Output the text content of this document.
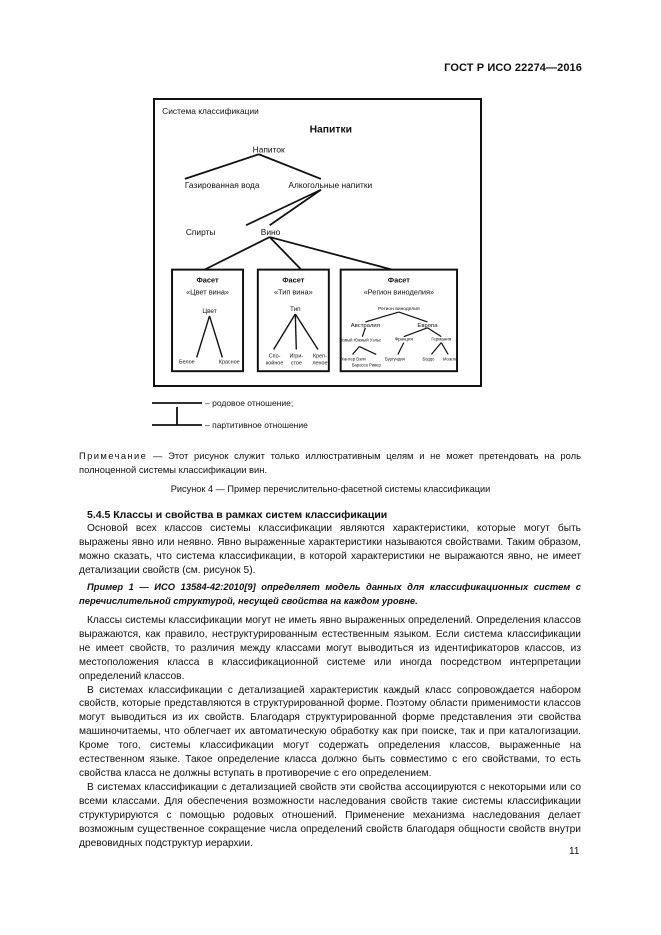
ГОСТ Р ИСО 22274—2016
Система классификации
Напитки
Напиток
Газированная вода	Алкогольные напитки
Спирты	Вино
Фасет
«Цвет вина»
Цвет
Белое	Красное
Фасет
«Тип вина»
Тип
Спо-койное
Игри-стое
Креп-леное
Фасет
«Регион виноделия»
Регион виноделия
Австралия	Европа
Новый Южный Уэльс	Франция	Германия
Хантер Вэли
Баросса Ривер
Бургундия	Бордо Мозель
– родовое отношение;
– партитивное отношение
Примечание — Этот рисунок служит только иллюстративным целям и не может претендовать на роль полноценной системы классификации вин.
Рисунок 4 — Пример перечислительно-фасетной системы классификации
5.4.5 Классы и свойства в рамках систем классификации

Основой всех классов системы классификации являются характеристики, которые могут быть выражены явно или неявно. Явно выраженные характеристики называются свойствами. Таким образом, можно сказать, что система классификации, в которой характеристики не выражаются явно, не имеет детализации свойств (см. рисунок 5).

Пример 1 — ИСО 13584-42:2010[9] определяет модель данных для классификационных систем с перечислительной структурой, несущей свойства на каждом уровне.

Классы системы классификации могут не иметь явно выраженных определений. Определения классов выражаются, как правило, неструктурированным естественным языком. Если система классификации не имеет свойств, то различия между классами могут выводиться из идентификаторов классов, из местоположения класса в классификационной системе или иногда посредством интерпретации определений классов.

В системах классификации с детализацией характеристик каждый класс сопровождается набором свойств, которые представляются в структурированной форме. Поэтому области применимости классов могут выводиться из их свойств. Благодаря структурированной форме представления эти свойства машиночитаемы, что облегчает их автоматическую обработку как при поиске, так и при каталогизации. Кроме того, системы классификации могут содержать определения классов, выраженные на естественном языке. Такое определение класса должно быть совместимо с его свойствами, то есть свойства класса не должны вступать в противоречие с его определением.

В системах классификации с детализацией свойств эти свойства ассоциируются с некоторыми или со всеми классами. Для обеспечения возможности наследования свойств такие системы классификации структурируются с помощью родовых отношений. Применение механизма наследования делает возможным существенное сокращение числа определений свойств благодаря общности свойств внутри древовидных подструктур иерархии.

11
